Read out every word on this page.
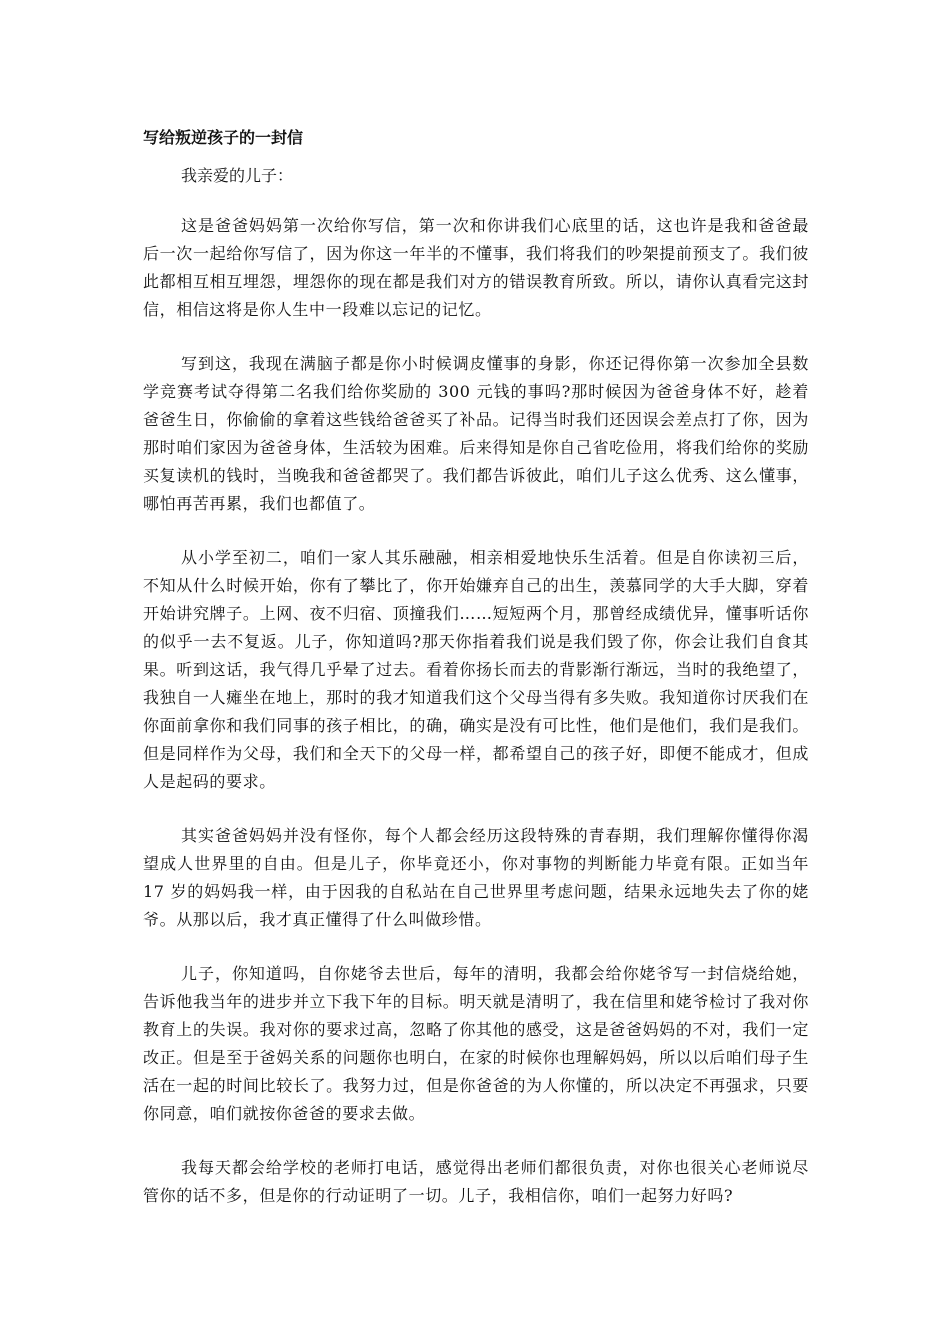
写给叛逆孩子的一封信
我亲爱的儿子：

这是爸爸妈妈第一次给你写信，第一次和你讲我们心底里的话，这也许是我和爸爸最后一次一起给你写信了，因为你这一年半的不懂事，我们将我们的吵架提前预支了。我们彼此都相互相互埋怨，埋怨你的现在都是我们对方的错误教育所致。所以，请你认真看完这封信，相信这将是你人生中一段难以忘记的记忆。

写到这，我现在满脑子都是你小时候调皮懂事的身影，你还记得你第一次参加全县数学竞赛考试夺得第二名我们给你奖励的 300 元钱的事吗?那时候因为爸爸身体不好，趁着爸爸生日，你偷偷的拿着这些钱给爸爸买了补品。记得当时我们还因误会差点打了你，因为那时咱们家因为爸爸身体，生活较为困难。后来得知是你自己省吃俭用，将我们给你的奖励买复读机的钱时，当晚我和爸爸都哭了。我们都告诉彼此，咱们儿子这么优秀、这么懂事，哪怕再苦再累，我们也都值了。

从小学至初二，咱们一家人其乐融融，相亲相爱地快乐生活着。但是自你读初三后，不知从什么时候开始，你有了攀比了，你开始嫌弃自己的出生，羡慕同学的大手大脚，穿着开始讲究牌子。上网、夜不归宿、顶撞我们……短短两个月，那曾经成绩优异，懂事听话你的似乎一去不复返。儿子，你知道吗?那天你指着我们说是我们毁了你，你会让我们自食其果。听到这话，我气得几乎晕了过去。看着你扬长而去的背影渐行渐远，当时的我绝望了，我独自一人瘫坐在地上，那时的我才知道我们这个父母当得有多失败。我知道你讨厌我们在你面前拿你和我们同事的孩子相比，的确，确实是没有可比性，他们是他们，我们是我们。但是同样作为父母，我们和全天下的父母一样，都希望自己的孩子好，即便不能成才，但成人是起码的要求。

其实爸爸妈妈并没有怪你，每个人都会经历这段特殊的青春期，我们理解你懂得你渴望成人世界里的自由。但是儿子，你毕竟还小，你对事物的判断能力毕竟有限。正如当年 17 岁的妈妈我一样，由于因我的自私站在自己世界里考虑问题，结果永远地失去了你的姥爷。从那以后，我才真正懂得了什么叫做珍惜。

儿子，你知道吗，自你姥爷去世后，每年的清明，我都会给你姥爷写一封信烧给她，告诉他我当年的进步并立下我下年的目标。明天就是清明了，我在信里和姥爷检讨了我对你教育上的失误。我对你的要求过高，忽略了你其他的感受，这是爸爸妈妈的不对，我们一定改正。但是至于爸妈关系的问题你也明白，在家的时候你也理解妈妈，所以以后咱们母子生活在一起的时间比较长了。我努力过，但是你爸爸的为人你懂的，所以决定不再强求，只要你同意，咱们就按你爸爸的要求去做。

我每天都会给学校的老师打电话，感觉得出老师们都很负责，对你也很关心老师说尽管你的话不多，但是你的行动证明了一切。儿子，我相信你，咱们一起努力好吗?
